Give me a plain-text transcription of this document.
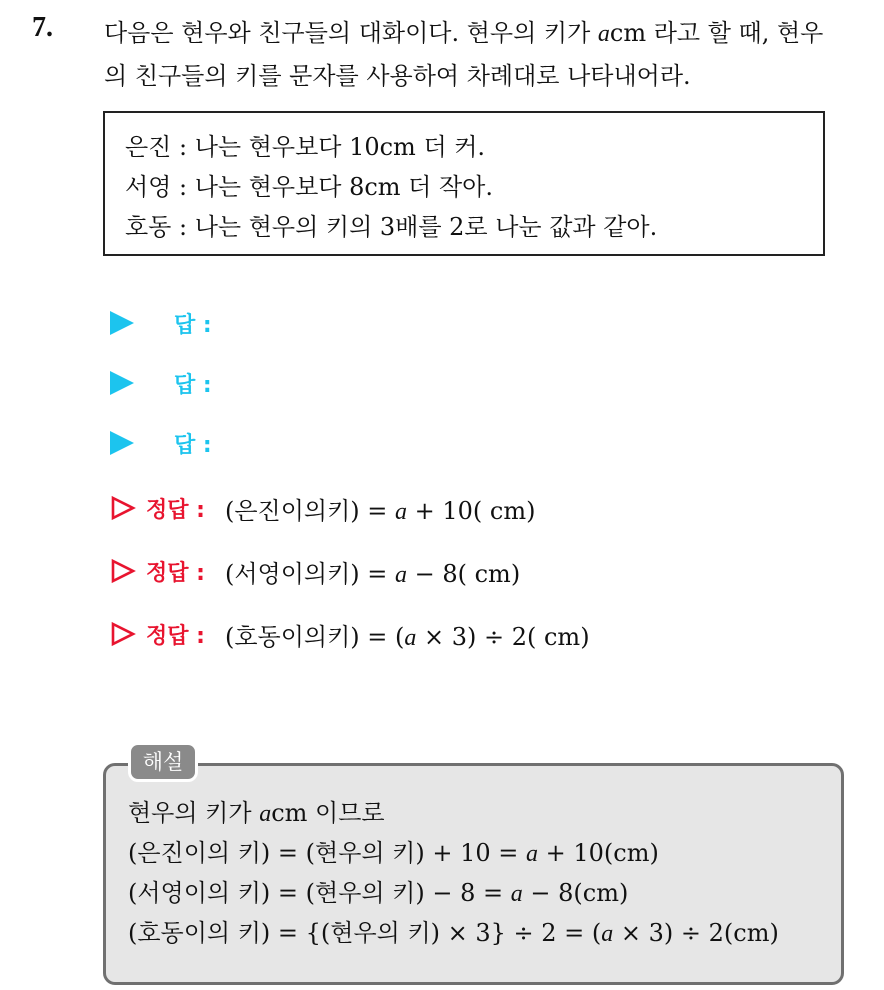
7. 다음은 현우와 친구들의 대화이다. 현우의 키가 acm 라고 할 때, 현우
의 친구들의 키를 문자를 사용하여 차례대로 나타내어라.
은진 : 나는 현우보다 10cm 더 커.
서영 : 나는 현우보다 8cm 더 작아.
호동 : 나는 현우의 키의 3배를 2로 나눈 값과 같아.
답 :
답 :
답 :
정답 : (은진이의키) = a + 10( cm)
정답 : (서영이의키) = a − 8( cm)
정답 : (호동이의키) = (a × 3) ÷ 2( cm)
현우의 키가 acm 이므로
(은진이의 키) = (현우의 키) + 10 = a + 10(cm)
(서영이의 키) = (현우의 키) − 8 = a − 8(cm)
(호동이의 키) = {(현우의 키) × 3} ÷ 2 = (a × 3) ÷ 2(cm)
해설
